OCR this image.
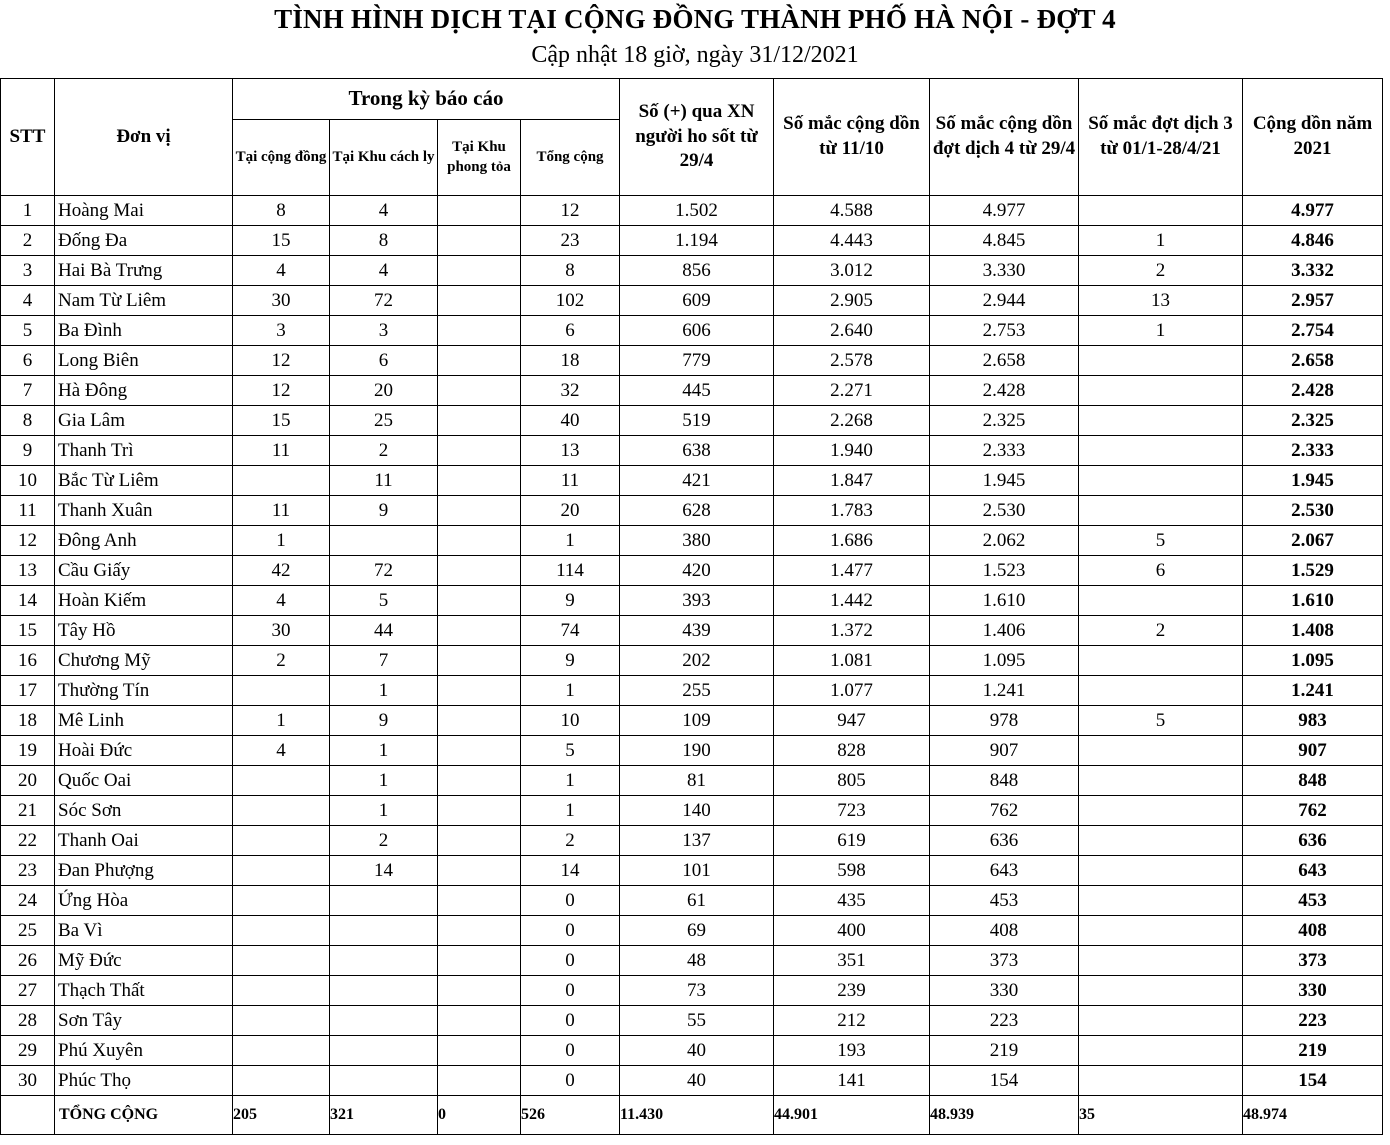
TÌNH HÌNH DỊCH TẠI CỘNG ĐỒNG THÀNH PHỐ HÀ NỘI - ĐỢT 4
Cập nhật 18 giờ, ngày 31/12/2021
STT	Đơn vị	Trong kỳ báo cáo				Số (+) qua XN người ho sốt từ 29/4	Số mắc cộng dồn từ 11/10	Số mắc cộng dồn đợt dịch 4 từ 29/4	Số mắc đợt dịch 3 từ 01/1-28/4/21	Cộng dồn năm 2021
		Tại cộng đồng	Tại Khu cách ly	Tại Khu phong tỏa	Tổng cộng					
1	Hoàng Mai	8	4		12	1.502	4.588	4.977		4.977
2	Đống Đa	15	8		23	1.194	4.443	4.845	1	4.846
3	Hai Bà Trưng	4	4		8	856	3.012	3.330	2	3.332
4	Nam Từ Liêm	30	72		102	609	2.905	2.944	13	2.957
5	Ba Đình	3	3		6	606	2.640	2.753	1	2.754
6	Long Biên	12	6		18	779	2.578	2.658		2.658
7	Hà Đông	12	20		32	445	2.271	2.428		2.428
8	Gia Lâm	15	25		40	519	2.268	2.325		2.325
9	Thanh Trì	11	2		13	638	1.940	2.333		2.333
10	Bắc Từ Liêm		11		11	421	1.847	1.945		1.945
11	Thanh Xuân	11	9		20	628	1.783	2.530		2.530
12	Đông Anh	1			1	380	1.686	2.062	5	2.067
13	Cầu Giấy	42	72		114	420	1.477	1.523	6	1.529
14	Hoàn Kiếm	4	5		9	393	1.442	1.610		1.610
15	Tây Hồ	30	44		74	439	1.372	1.406	2	1.408
16	Chương Mỹ	2	7		9	202	1.081	1.095		1.095
17	Thường Tín		1		1	255	1.077	1.241		1.241
18	Mê Linh	1	9		10	109	947	978	5	983
19	Hoài Đức	4	1		5	190	828	907		907
20	Quốc Oai		1		1	81	805	848		848
21	Sóc Sơn		1		1	140	723	762		762
22	Thanh Oai		2		2	137	619	636		636
23	Đan Phượng		14		14	101	598	643		643
24	Ứng Hòa				0	61	435	453		453
25	Ba Vì				0	69	400	408		408
26	Mỹ Đức				0	48	351	373		373
27	Thạch Thất				0	73	239	330		330
28	Sơn Tây				0	55	212	223		223
29	Phú Xuyên				0	40	193	219		219
30	Phúc Thọ				0	40	141	154		154
	TỔNG CỘNG	205	321	0	526	11.430	44.901	48.939	35	48.974
